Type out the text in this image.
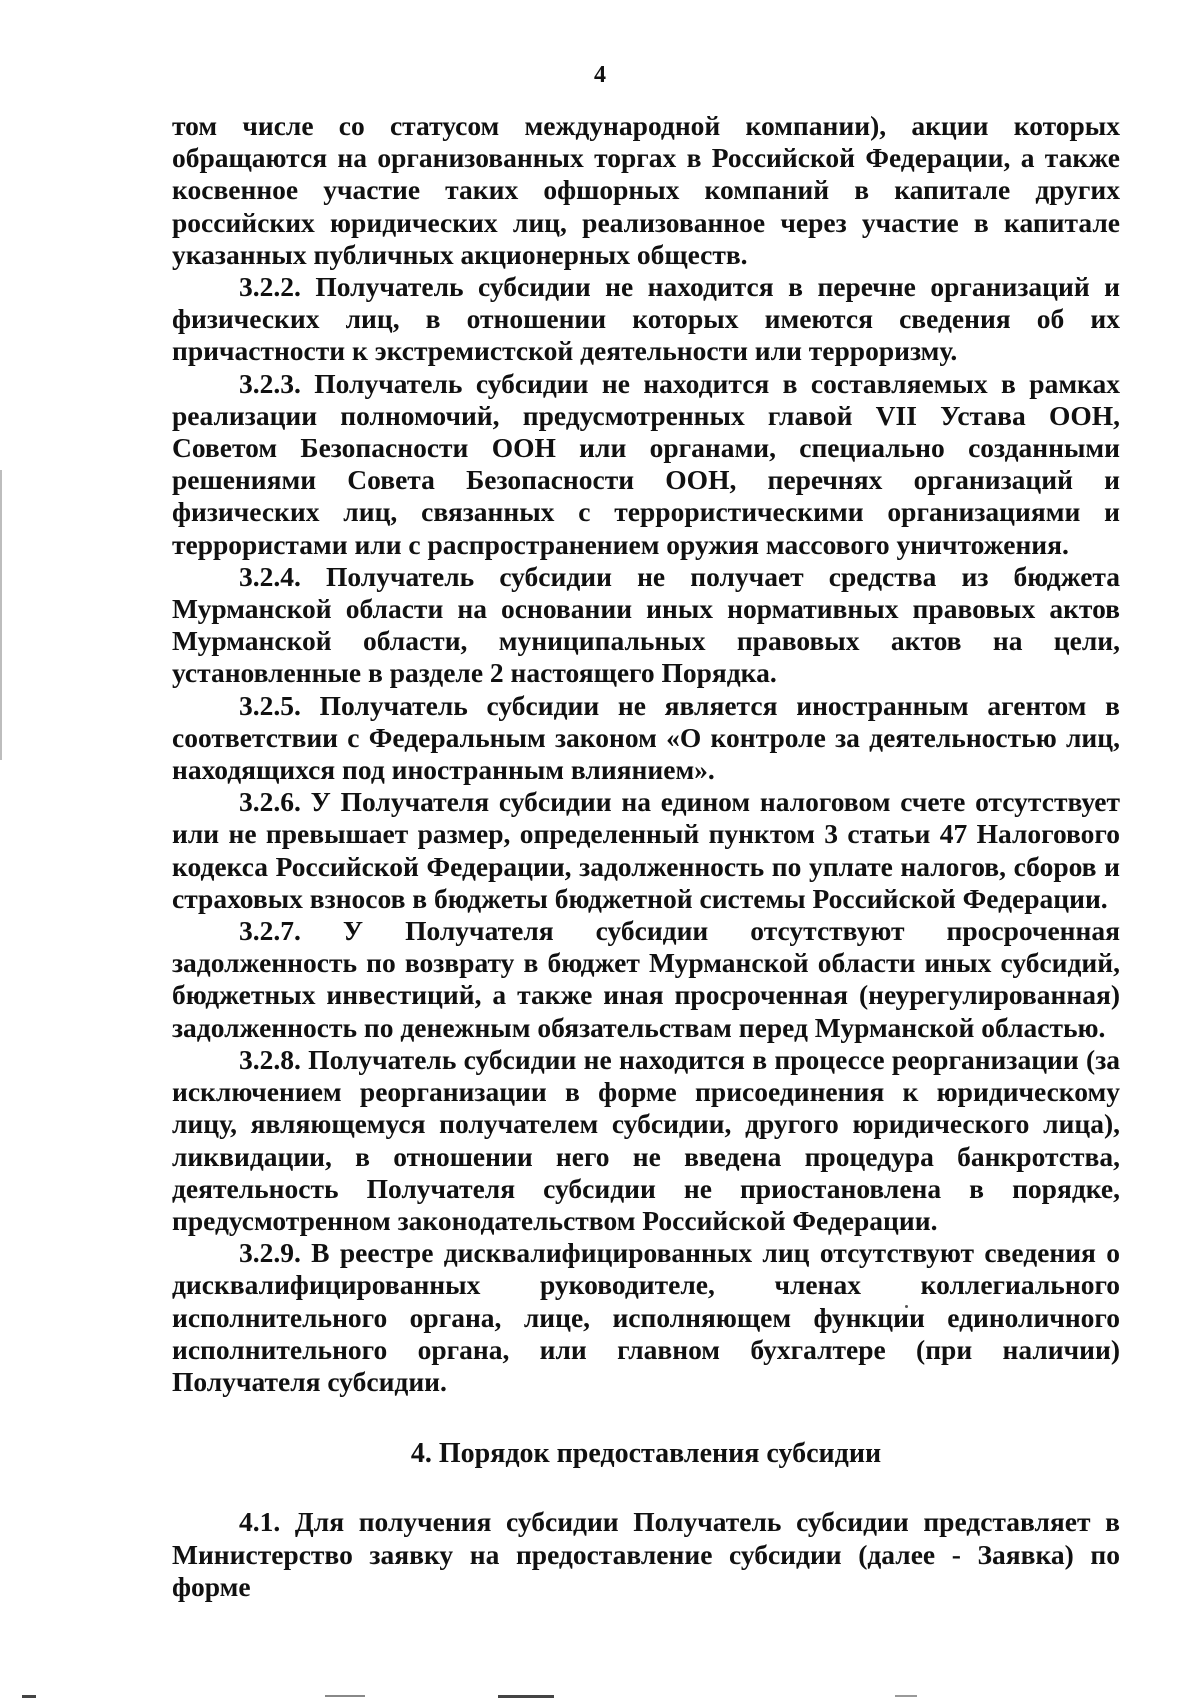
4

том числе со статусом международной компании), акции которых обращаются на организованных торгах в Российской Федерации, а также косвенное участие таких офшорных компаний в капитале других российских юридических лиц, реализованное через участие в капитале указанных публичных акционерных обществ.

3.2.2. Получатель субсидии не находится в перечне организаций и физических лиц, в отношении которых имеются сведения об их причастности к экстремистской деятельности или терроризму.

3.2.3. Получатель субсидии не находится в составляемых в рамках реализации полномочий, предусмотренных главой VII Устава ООН, Советом Безопасности ООН или органами, специально созданными решениями Совета Безопасности ООН, перечнях организаций и физических лиц, связанных с террористическими организациями и террористами или с распространением оружия массового уничтожения.

3.2.4. Получатель субсидии не получает средства из бюджета Мурманской области на основании иных нормативных правовых актов Мурманской области, муниципальных правовых актов на цели, установленные в разделе 2 настоящего Порядка.

3.2.5. Получатель субсидии не является иностранным агентом в соответствии с Федеральным законом «О контроле за деятельностью лиц, находящихся под иностранным влиянием».

3.2.6. У Получателя субсидии на едином налоговом счете отсутствует или не превышает размер, определенный пунктом 3 статьи 47 Налогового кодекса Российской Федерации, задолженность по уплате налогов, сборов и страховых взносов в бюджеты бюджетной системы Российской Федерации.

3.2.7. У Получателя субсидии отсутствуют просроченная задолженность по возврату в бюджет Мурманской области иных субсидий, бюджетных инвестиций, а также иная просроченная (неурегулированная) задолженность по денежным обязательствам перед Мурманской областью.

3.2.8. Получатель субсидии не находится в процессе реорганизации (за исключением реорганизации в форме присоединения к юридическому лицу, являющемуся получателем субсидии, другого юридического лица), ликвидации, в отношении него не введена процедура банкротства, деятельность Получателя субсидии не приостановлена в порядке, предусмотренном законодательством Российской Федерации.

3.2.9. В реестре дисквалифицированных лиц отсутствуют сведения о дисквалифицированных руководителе, членах коллегиального исполнительного органа, лице, исполняющем функции единоличного исполнительного органа, или главном бухгалтере (при наличии) Получателя субсидии.

4. Порядок предоставления субсидии

4.1. Для получения субсидии Получатель субсидии представляет в Министерство заявку на предоставление субсидии (далее - Заявка) по форме
